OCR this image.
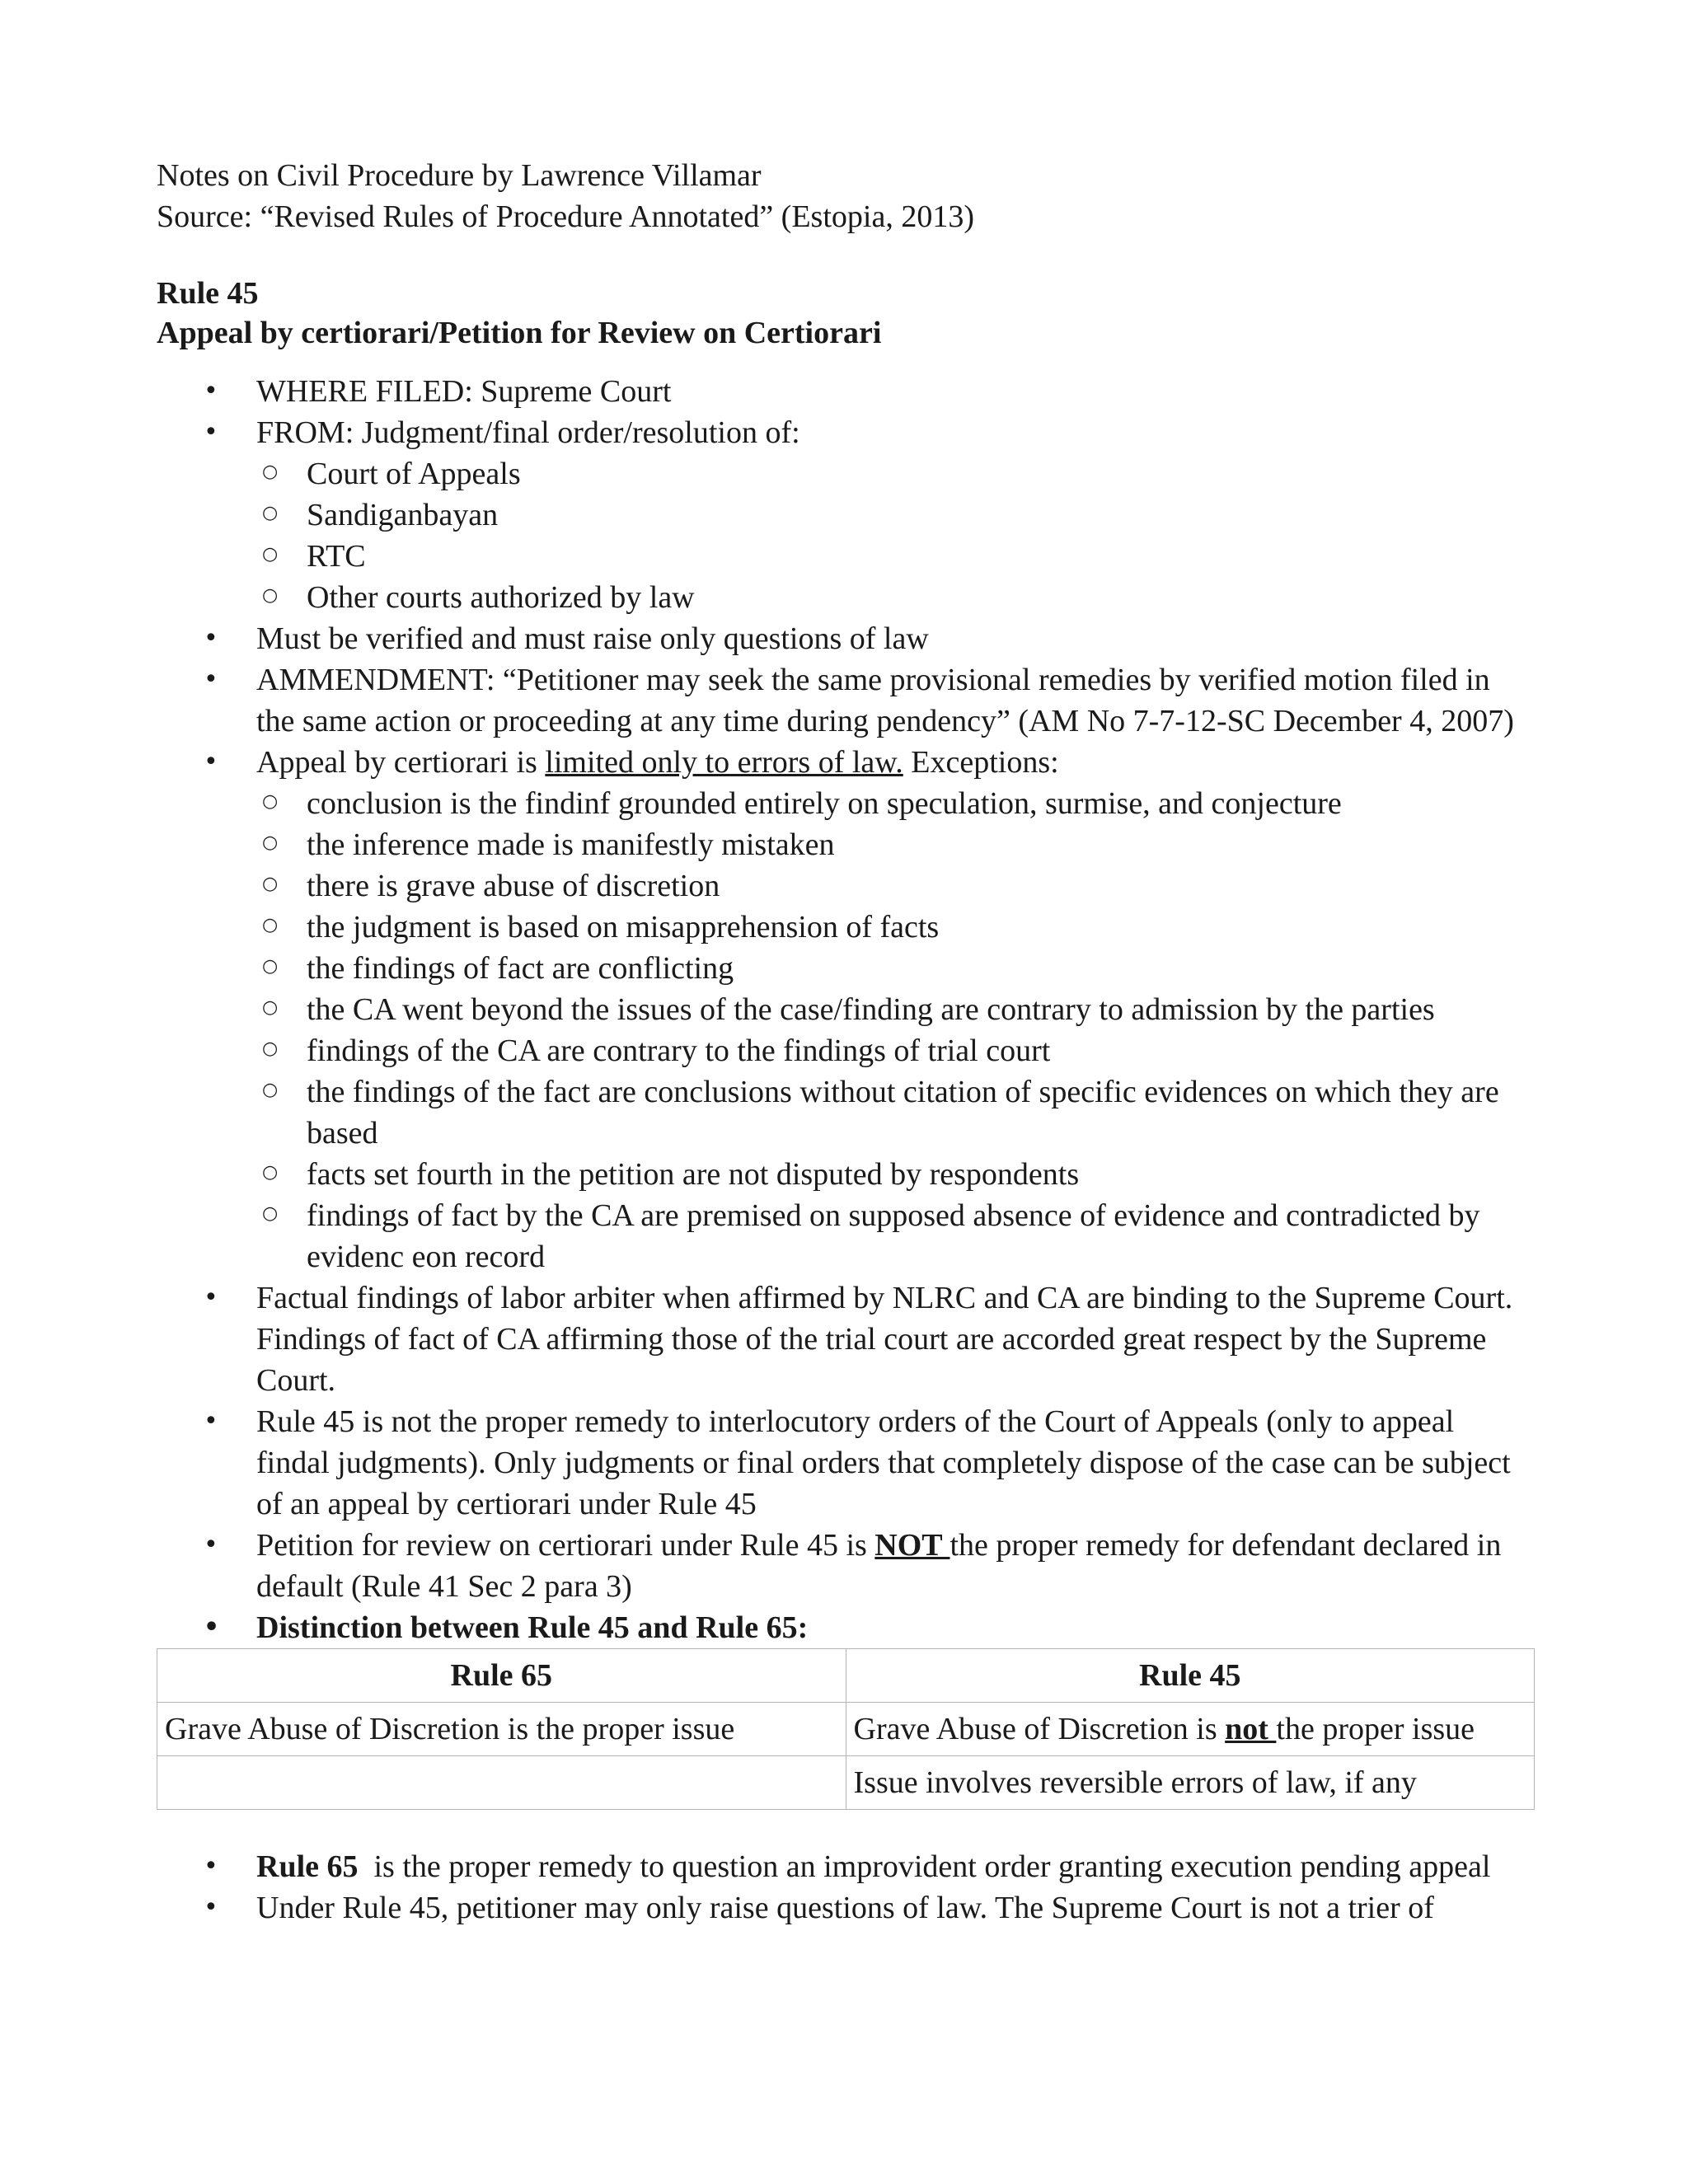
Notes on Civil Procedure by Lawrence Villamar

Source: “Revised Rules of Procedure Annotated” (Estopia, 2013)

Rule 45
Appeal by certiorari/Petition for Review on Certiorari
• WHERE FILED: Supreme Court
• FROM: Judgment/final order/resolution of:
○ Court of Appeals
○ Sandiganbayan
○ RTC
○ Other courts authorized by law
• Must be verified and must raise only questions of law
• AMMENDMENT: “Petitioner may seek the same provisional remedies by verified motion filed in the same action or proceeding at any time during pendency” (AM No 7-7-12-SC December 4, 2007)
• Appeal by certiorari is limited only to errors of law. Exceptions:
○ conclusion is the findinf grounded entirely on speculation, surmise, and conjecture
○ the inference made is manifestly mistaken
○ there is grave abuse of discretion
○ the judgment is based on misapprehension of facts
○ the findings of fact are conflicting
○ the CA went beyond the issues of the case/finding are contrary to admission by the parties
○ findings of the CA are contrary to the findings of trial court
○ the findings of the fact are conclusions without citation of specific evidences on which they are based
○ facts set fourth in the petition are not disputed by respondents
○ findings of fact by the CA are premised on supposed absence of evidence and contradicted by evidenc eon record
• Factual findings of labor arbiter when affirmed by NLRC and CA are binding to the Supreme Court. Findings of fact of CA affirming those of the trial court are accorded great respect by the Supreme Court.
• Rule 45 is not the proper remedy to interlocutory orders of the Court of Appeals (only to appeal findal judgments). Only judgments or final orders that completely dispose of the case can be subject of an appeal by certiorari under Rule 45
• Petition for review on certiorari under Rule 45 is NOT the proper remedy for defendant declared in default (Rule 41 Sec 2 para 3)
• Distinction between Rule 45 and Rule 65:
Rule 65	Rule 45
Grave Abuse of Discretion is the proper issue	Grave Abuse of Discretion is not the proper issue
	Issue involves reversible errors of law, if any
• Rule 65  is the proper remedy to question an improvident order granting execution pending appeal
• Under Rule 45, petitioner may only raise questions of law. The Supreme Court is not a trier of
